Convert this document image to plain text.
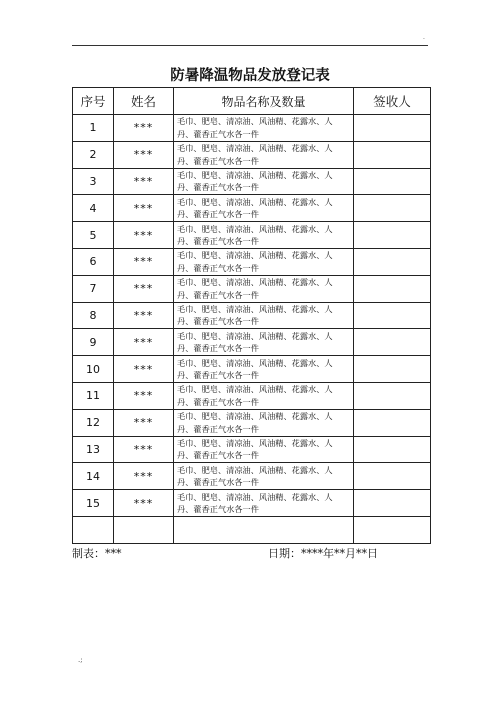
.
防暑降温物品发放登记表
序号	姓名	物品名称及数量	签收人
1	***	毛巾、肥皂、清凉油、风油精、花露水、人
丹、藿香正气水各一件	

2	***	毛巾、肥皂、清凉油、风油精、花露水、人
丹、藿香正气水各一件	

3	***	毛巾、肥皂、清凉油、风油精、花露水、人
丹、藿香正气水各一件	

4	***	毛巾、肥皂、清凉油、风油精、花露水、人
丹、藿香正气水各一件	

5	***	毛巾、肥皂、清凉油、风油精、花露水、人
丹、藿香正气水各一件	

6	***	毛巾、肥皂、清凉油、风油精、花露水、人
丹、藿香正气水各一件	

7	***	毛巾、肥皂、清凉油、风油精、花露水、人
丹、藿香正气水各一件	

8	***	毛巾、肥皂、清凉油、风油精、花露水、人
丹、藿香正气水各一件	

9	***	毛巾、肥皂、清凉油、风油精、花露水、人
丹、藿香正气水各一件	

10	***	毛巾、肥皂、清凉油、风油精、花露水、人
丹、藿香正气水各一件	

11	***	毛巾、肥皂、清凉油、风油精、花露水、人
丹、藿香正气水各一件	

12	***	毛巾、肥皂、清凉油、风油精、花露水、人
丹、藿香正气水各一件	

13	***	毛巾、肥皂、清凉油、风油精、花露水、人
丹、藿香正气水各一件	

14	***	毛巾、肥皂、清凉油、风油精、花露水、人
丹、藿香正气水各一件	

15	***	毛巾、肥皂、清凉油、风油精、花露水、人
丹、藿香正气水各一件	

制表：***	日期：****年**月**日
.;
